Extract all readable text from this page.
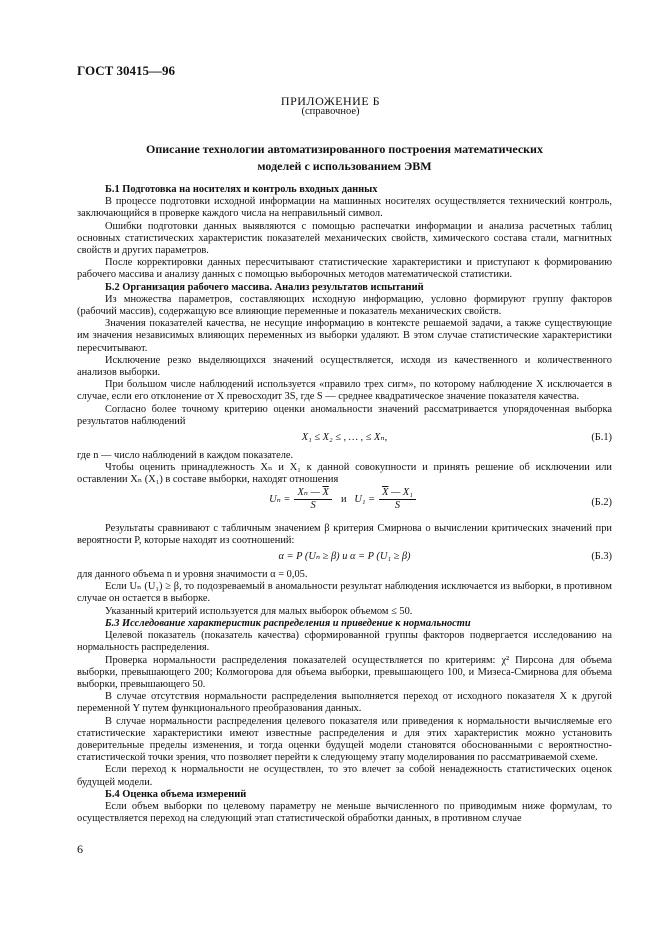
ГОСТ 30415—96
ПРИЛОЖЕНИЕ Б
(справочное)
Описание технологии автоматизированного построения математических
моделей с использованием ЭВМ
Б.1 Подготовка на носителях и контроль входных данных

В процессе подготовки исходной информации на машинных носителях осуществляется технический контроль, заключающийся в проверке каждого числа на неправильный символ.

Ошибки подготовки данных выявляются с помощью распечатки информации и анализа расчетных таблиц основных статистических характеристик показателей механических свойств, химического состава стали, магнитных свойств и других параметров.

После корректировки данных пересчитывают статистические характеристики и приступают к формированию рабочего массива и анализу данных с помощью выборочных методов математической статистики.

Б.2 Организация рабочего массива. Анализ результатов испытаний

Из множества параметров, составляющих исходную информацию, условно формируют группу факторов (рабочий массив), содержащую все влияющие переменные и показатель механических свойств.

Значения показателей качества, не несущие информацию в контексте решаемой задачи, а также существующие им значения независимых влияющих переменных из выборки удаляют. В этом случае статистические характеристики пересчитывают.

Исключение резко выделяющихся значений осуществляется, исходя из качественного и количественного анализов выборки.

При большом числе наблюдений используется «правило трех сигм», по которому наблюдение X исключается в случае, если его отклонение от X превосходит 3S, где S — среднее квадратическое значение показателя качества.

Согласно более точному критерию оценки аномальности значений рассматривается упорядоченная выборка результатов наблюдений

X₁ ≤ X₂ ≤ , … , ≤ Xₙ,	(Б.1)

где n — число наблюдений в каждом показателе.

Чтобы оценить принадлежность Xₙ и X₁ к данной совокупности и принять решение об исключении или оставлении Xₙ (X₁) в составе выборки, находят отношения

$U_n = \frac{X_n — \overline{X}}{S}$ и   $U_1 = \frac{\overline{X} — X_1}{S}$	(Б.2)

Результаты сравнивают с табличным значением β критерия Смирнова о вычислении критических значений при вероятности P, которые находят из соотношений:

α = P (Uₙ ≥ β) и α = P (U₁ ≥ β)	(Б.3)

для данного объема n и уровня значимости α = 0,05.

Если Uₙ (U₁) ≥ β, то подозреваемый в аномальности результат наблюдения исключается из выборки, в противном случае он остается в выборке.

Указанный критерий используется для малых выборок объемом ≤ 50.

Б.3 Исследование характеристик распределения и приведение к нормальности

Целевой показатель (показатель качества) сформированной группы факторов подвергается исследованию на нормальность распределения.

Проверка нормальности распределения показателей осуществляется по критериям: χ² Пирсона для объема выборки, превышающего 200; Колмогорова для объема выборки, превышающего 100, и Мизеса-Смирнова для объема выборки, превышающего 50.

В случае отсутствия нормальности распределения выполняется переход от исходного показателя X к другой переменной Y путем функционального преобразования данных.

В случае нормальности распределения целевого показателя или приведения к нормальности вычисляемые его статистические характеристики имеют известные распределения и для этих характеристик можно установить доверительные пределы изменения, и тогда оценки будущей модели становятся обоснованными с вероятностно-статистической точки зрения, что позволяет перейти к следующему этапу моделирования по рассматриваемой схеме.

Если переход к нормальности не осуществлен, то это влечет за собой ненадежность статистических оценок будущей модели.

Б.4 Оценка объема измерений

Если объем выборки по целевому параметру не меньше вычисленного по приводимым ниже формулам, то осуществляется переход на следующий этап статистической обработки данных, в противном случае

6
